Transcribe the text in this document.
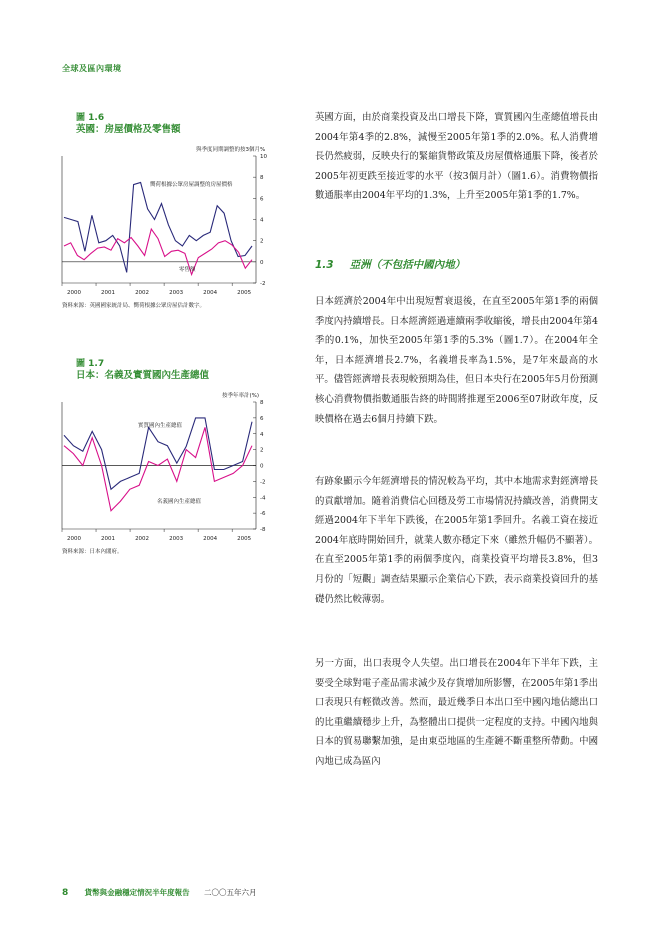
全球及區內環境
圖 1.6
英國：房屋價格及零售額
與季度同期調整的按3個月%
10
8
6
4
2
0
-2
2000	2001	2002	2003	2004	2005
8
6
4
2
0
-2
-4
-6
-8
2000	2001	2002	2003	2004	2005
嚮荷根據公眾房屋調整的房屋價格
零售額
資料來源：英國國家統計局、嚮荷根據公眾房屋估計數字。
圖 1.7
日本：名義及實質國內生產總值
按季年率計(%)
實質國內生產總值
名義國內生產總值
資料來源：日本內閣府。

英國方面，由於商業投資及出口增長下降，實質國內生產總值增長由2004年第4季的2.8%，減慢至2005年第1季的2.0%。私人消費增長仍然疲弱，反映央行的緊縮貨幣政策及房屋價格通脹下降，後者於2005年初更跌至接近零的水平（按3個月計）（圖1.6）。消費物價指數通脹率由2004年平均的1.3%，上升至2005年第1季的1.7%。

1.3 亞洲（不包括中國內地）

日本經濟於2004年中出現短暫衰退後，在直至2005年第1季的兩個季度內持續增長。日本經濟經過連續兩季收縮後，增長由2004年第4季的0.1%，加快至2005年第1季的5.3%（圖1.7）。在2004年全年，日本經濟增長2.7%，名義增長率為1.5%，是7年來最高的水平。儘管經濟增長表現較預期為佳，但日本央行在2005年5月份預測核心消費物價指數通脹告終的時間將推遲至2006至07財政年度，反映價格在過去6個月持續下跌。

有跡象顯示今年經濟增長的情況較為平均，其中本地需求對經濟增長的貢獻增加。隨着消費信心回穩及勞工市場情況持續改善，消費開支經過2004年下半年下跌後，在2005年第1季回升。名義工資在接近2004年底時開始回升，就業人數亦穩定下來（雖然升幅仍不顯著）。在直至2005年第1季的兩個季度內，商業投資平均增長3.8%，但3月份的「短觀」調查結果顯示企業信心下跌，表示商業投資回升的基礎仍然比較薄弱。

另一方面，出口表現令人失望。出口增長在2004年下半年下跌，主要受全球對電子產品需求減少及存貨增加所影響，在2005年第1季出口表現只有輕微改善。然而，最近幾季日本出口至中國內地佔總出口的比重繼續穩步上升，為整體出口提供一定程度的支持。中國內地與日本的貿易聯繫加強，是由東亞地區的生產鏈不斷重整所帶動。中國內地已成為區內

8 貨幣與金融穩定情況半年度報告 二〇〇五年六月
